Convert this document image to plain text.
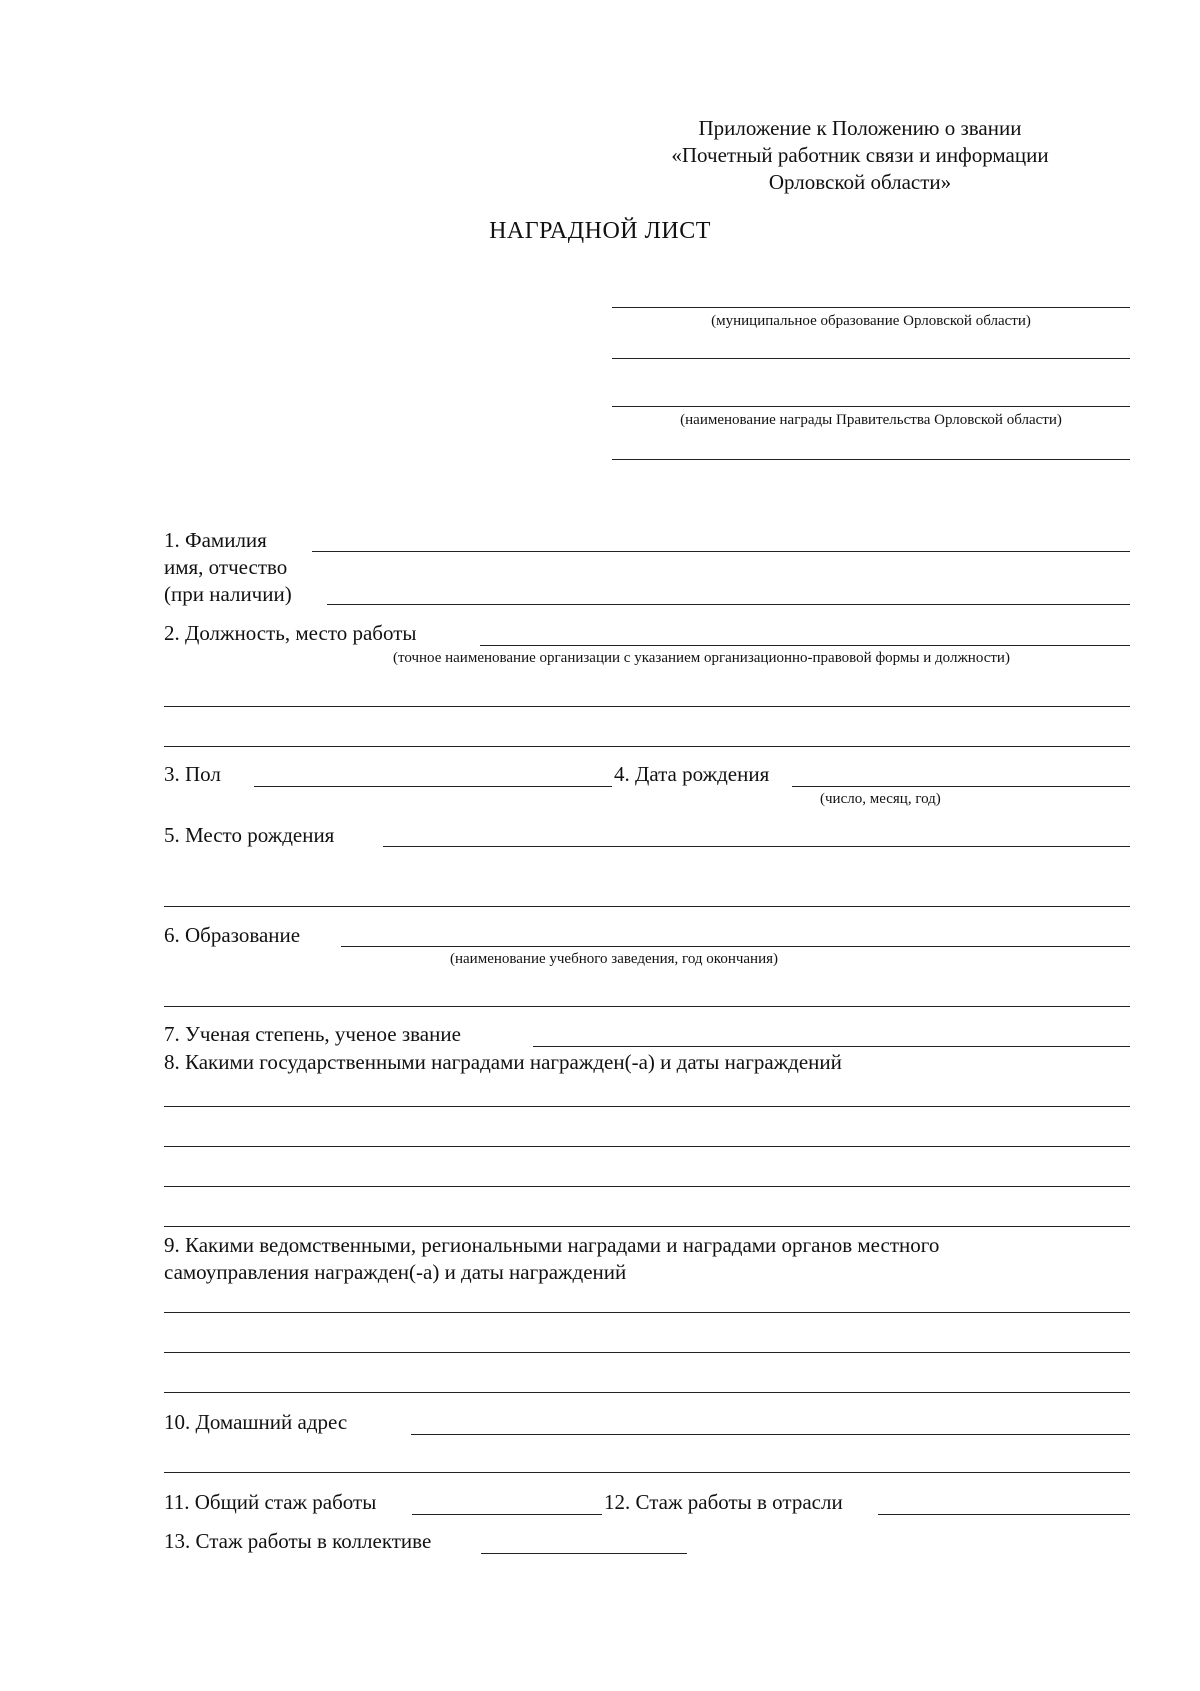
Приложение к Положению о звании
«Почетный работник связи и информации
Орловской области»
НАГРАДНОЙ ЛИСТ
(муниципальное образование Орловской области)
(наименование награды Правительства Орловской области)
1. Фамилия
имя, отчество
(при наличии)
2. Должность, место работы
(точное наименование организации с указанием организационно-правовой формы и должности)
3. Пол	4. Дата рождения
(число, месяц, год)
5. Место рождения
6. Образование
(наименование учебного заведения, год окончания)
7. Ученая степень, ученое звание
8. Какими государственными наградами награжден(-а) и даты награждений
9. Какими ведомственными, региональными наградами и наградами органов местного
самоуправления награжден(-а) и даты награждений
10. Домашний адрес
11. Общий стаж работы	12. Стаж работы в отрасли
13. Стаж работы в коллективе
